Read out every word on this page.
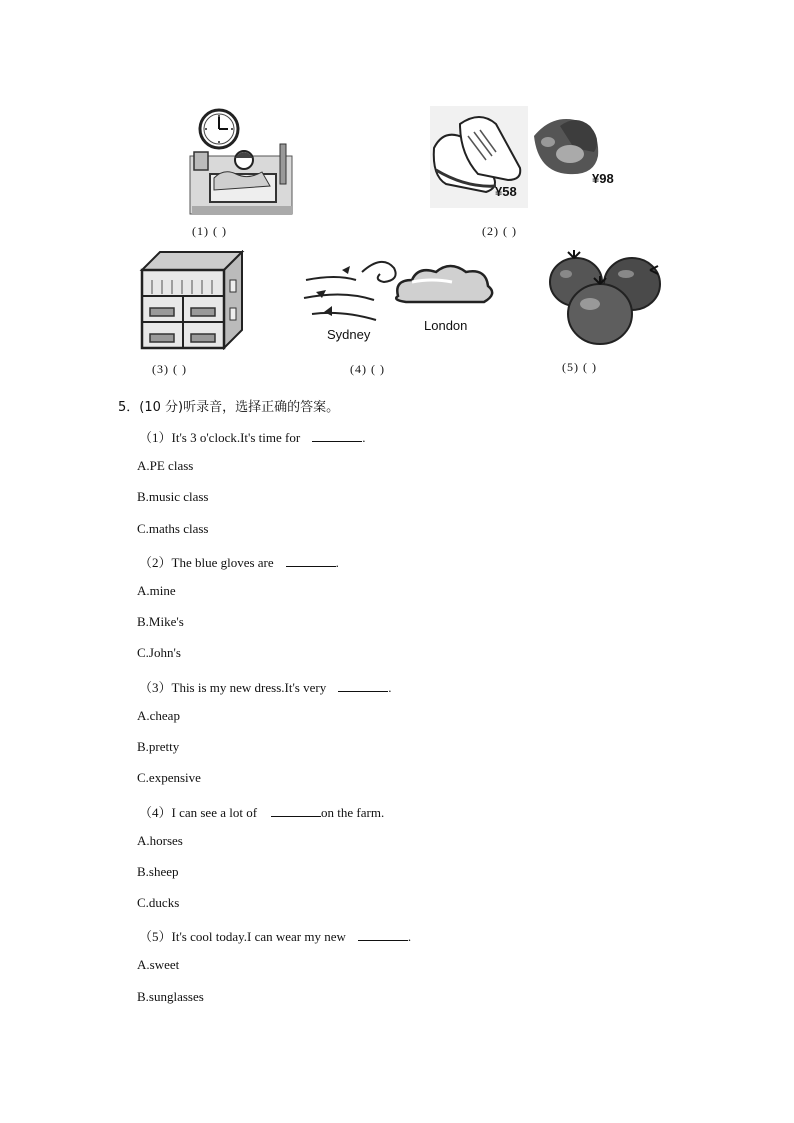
(1) ( )
¥58
¥98
(2) ( )
(3) ( )
Sydney
London
(4) ( )	(5) ( )
5．(10 分)听录音，选择正确的答案。
（1）It's 3 o'clock.It's time for	.
A.PE class
B.music class
C.maths class
（2）The blue gloves are	.
A.mine
B.Mike's
C.John's
（3）This is my new dress.It's very	.
A.cheap
B.pretty
C.expensive
（4）I can see a lot of	on the farm.
A.horses
B.sheep
C.ducks
（5）It's cool today.I can wear my new	.
A.sweet
B.sunglasses
